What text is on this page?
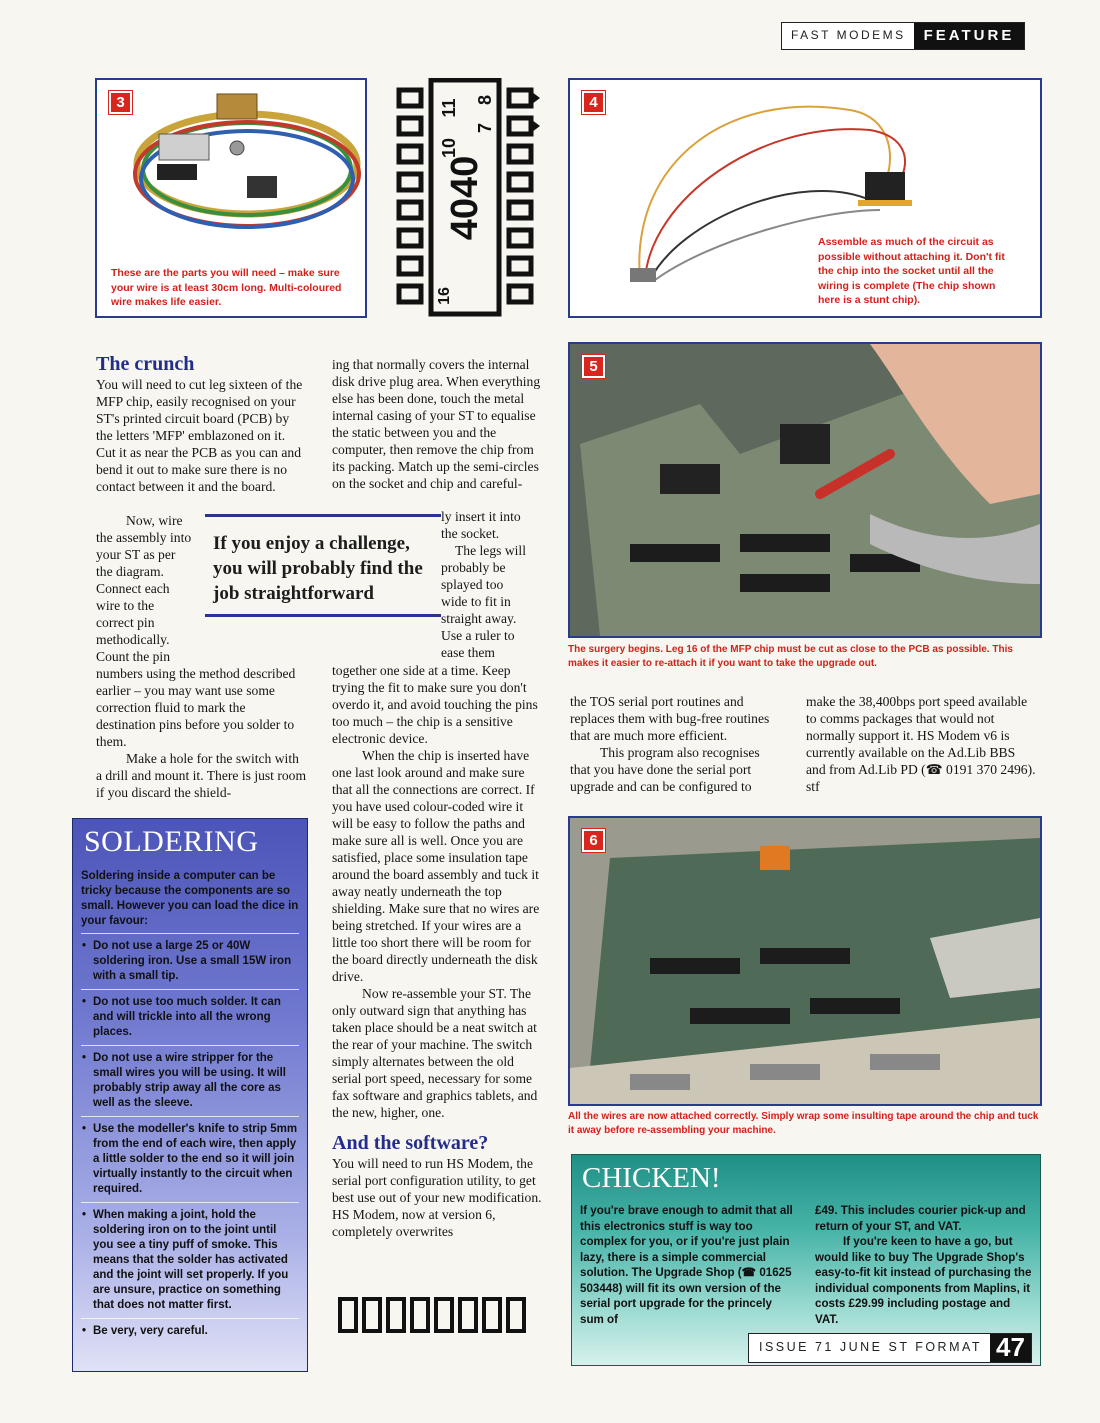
FAST MODEMS	FEATURE
3
These are the parts you will need – make sure your wire is at least 30cm long. Multi-coloured wire makes life easier.
4040
11
10
7
8
16
4
Assemble as much of the circuit as possible without attaching it. Don't fit the chip into the socket until all the wiring is complete (The chip shown here is a stunt chip).
5
The surgery begins. Leg 16 of the MFP chip must be cut as close to the PCB as possible. This makes it easier to re-attach it if you want to take the upgrade out.
6
All the wires are now attached correctly. Simply wrap some insulting tape around the chip and tuck it away before re-assembling your machine.
The crunch

You will need to cut leg sixteen of the MFP chip, easily recognised on your ST's printed circuit board (PCB) by the letters 'MFP' emblazoned on it. Cut it as near the PCB as you can and bend it out to make sure there is no contact between it and the board.

Now, wire

the assembly into

your ST as per

the diagram.

Connect each

wire to the

correct pin

methodically.

Count the pin

numbers using the method described earlier – you may want use some correction fluid to mark the destination pins before you solder to them.

Make a hole for the switch with a drill and mount it. There is just room if you discard the shield-

If you enjoy a challenge, you will probably find the job straightforward

ing that normally covers the internal disk drive plug area. When everything else has been done, touch the metal internal casing of your ST to equalise the static between you and the computer, then remove the chip from its packing. Match up the semi-circles on the socket and chip and careful-

ly insert it into

the socket.

The legs will

probably be

splayed too

wide to fit in

straight away.

Use a ruler to

ease them

together one side at a time. Keep trying the fit to make sure you don't overdo it, and avoid touching the pins too much – the chip is a sensitive electronic device.

When the chip is inserted have one last look around and make sure that all the connections are correct. If you have used colour-coded wire it will be easy to follow the paths and make sure all is well. Once you are satisfied, place some insulation tape around the board assembly and tuck it away neatly underneath the top shielding. Make sure that no wires are being stretched. If your wires are a little too short there will be room for the board directly underneath the disk drive.

Now re-assemble your ST. The only outward sign that anything has taken place should be a neat switch at the rear of your machine. The switch simply alternates between the old serial port speed, necessary for some fax software and graphics tablets, and the new, higher, one.

And the software?

You will need to run HS Modem, the serial port configuration utility, to get best use out of your new modification. HS Modem, now at version 6, completely overwrites

the TOS serial port routines and replaces them with bug-free routines that are much more efficient.

This program also recognises that you have done the serial port upgrade and can be configured to

make the 38,400bps port speed available to comms packages that would not normally support it. HS Modem v6 is currently available on the Ad.Lib BBS and from Ad.Lib PD (☎ 0191 370 2496). stf

SOLDERING
Soldering inside a computer can be tricky because the components are so small. However you can load the dice in your favour:
• Do not use a large 25 or 40W soldering iron. Use a small 15W iron with a small tip.
• Do not use too much solder. It can and will trickle into all the wrong places.
• Do not use a wire stripper for the small wires you will be using. It will probably strip away all the core as well as the sleeve.
• Use the modeller's knife to strip 5mm from the end of each wire, then apply a little solder to the end so it will join virtually instantly to the circuit when required.
• When making a joint, hold the soldering iron on to the joint until you see a tiny puff of smoke. This means that the solder has activated and the joint will set properly. If you are unsure, practice on something that does not matter first.
• Be very, very careful.
CHICKEN!
If you're brave enough to admit that all this electronics stuff is way too complex for you, or if you're just plain lazy, there is a simple commercial solution. The Upgrade Shop (☎ 01625 503448) will fit its own version of the serial port upgrade for the princely sum of

£49. This includes courier pick-up and return of your ST, and VAT.

If you're keen to have a go, but would like to buy The Upgrade Shop's easy-to-fit kit instead of purchasing the individual components from Maplins, it costs £29.99 including postage and VAT.

ISSUE 71 JUNE ST FORMAT 47
